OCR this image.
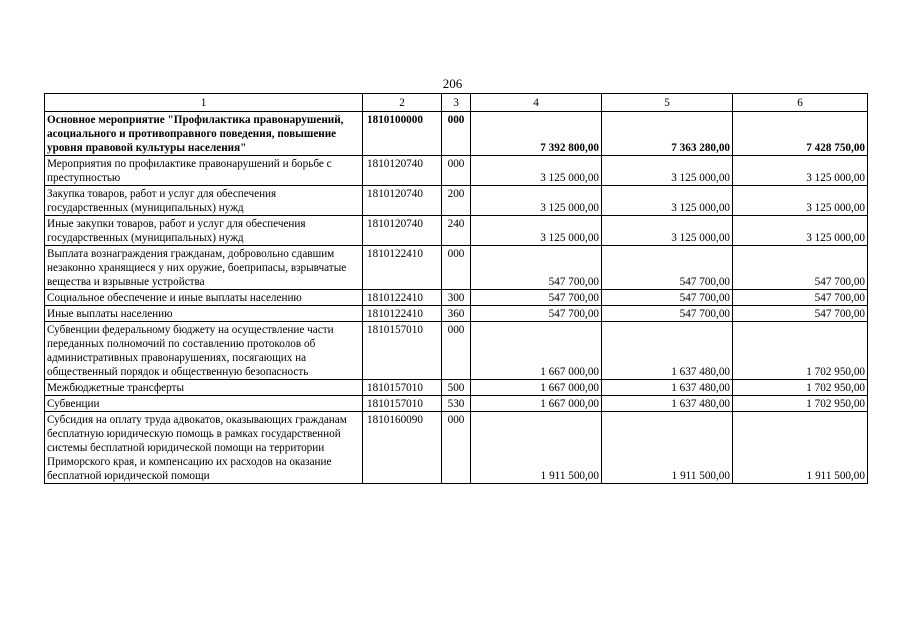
206
1	2	3	4	5	6
Основное мероприятие "Профилактика правонарушений, асоциального и противоправного поведения, повышение уровня правовой культуры населения"	1810100000	000	7 392 800,00	7 363 280,00	7 428 750,00
Мероприятия по профилактике правонарушений и борьбе с преступностью	1810120740	000	3 125 000,00	3 125 000,00	3 125 000,00
Закупка товаров, работ и услуг для обеспечения государственных (муниципальных) нужд	1810120740	200	3 125 000,00	3 125 000,00	3 125 000,00
Иные закупки товаров, работ и услуг для обеспечения государственных (муниципальных) нужд	1810120740	240	3 125 000,00	3 125 000,00	3 125 000,00
Выплата вознаграждения гражданам, добровольно сдавшим незаконно хранящиеся у них оружие, боеприпасы, взрывчатые вещества и взрывные устройства	1810122410	000	547 700,00	547 700,00	547 700,00
Социальное обеспечение и иные выплаты населению	1810122410	300	547 700,00	547 700,00	547 700,00
Иные выплаты населению	1810122410	360	547 700,00	547 700,00	547 700,00
Субвенции федеральному бюджету на осуществление части переданных полномочий по составлению протоколов об административных правонарушениях, посягающих на общественный порядок и общественную безопасность	1810157010	000	1 667 000,00	1 637 480,00	1 702 950,00
Межбюджетные трансферты	1810157010	500	1 667 000,00	1 637 480,00	1 702 950,00
Субвенции	1810157010	530	1 667 000,00	1 637 480,00	1 702 950,00
Субсидия на оплату труда адвокатов, оказывающих гражданам бесплатную юридическую помощь в рамках государственной системы бесплатной юридической помощи на территории Приморского края, и компенсацию их расходов на оказание бесплатной юридической помощи	1810160090	000	1 911 500,00	1 911 500,00	1 911 500,00
